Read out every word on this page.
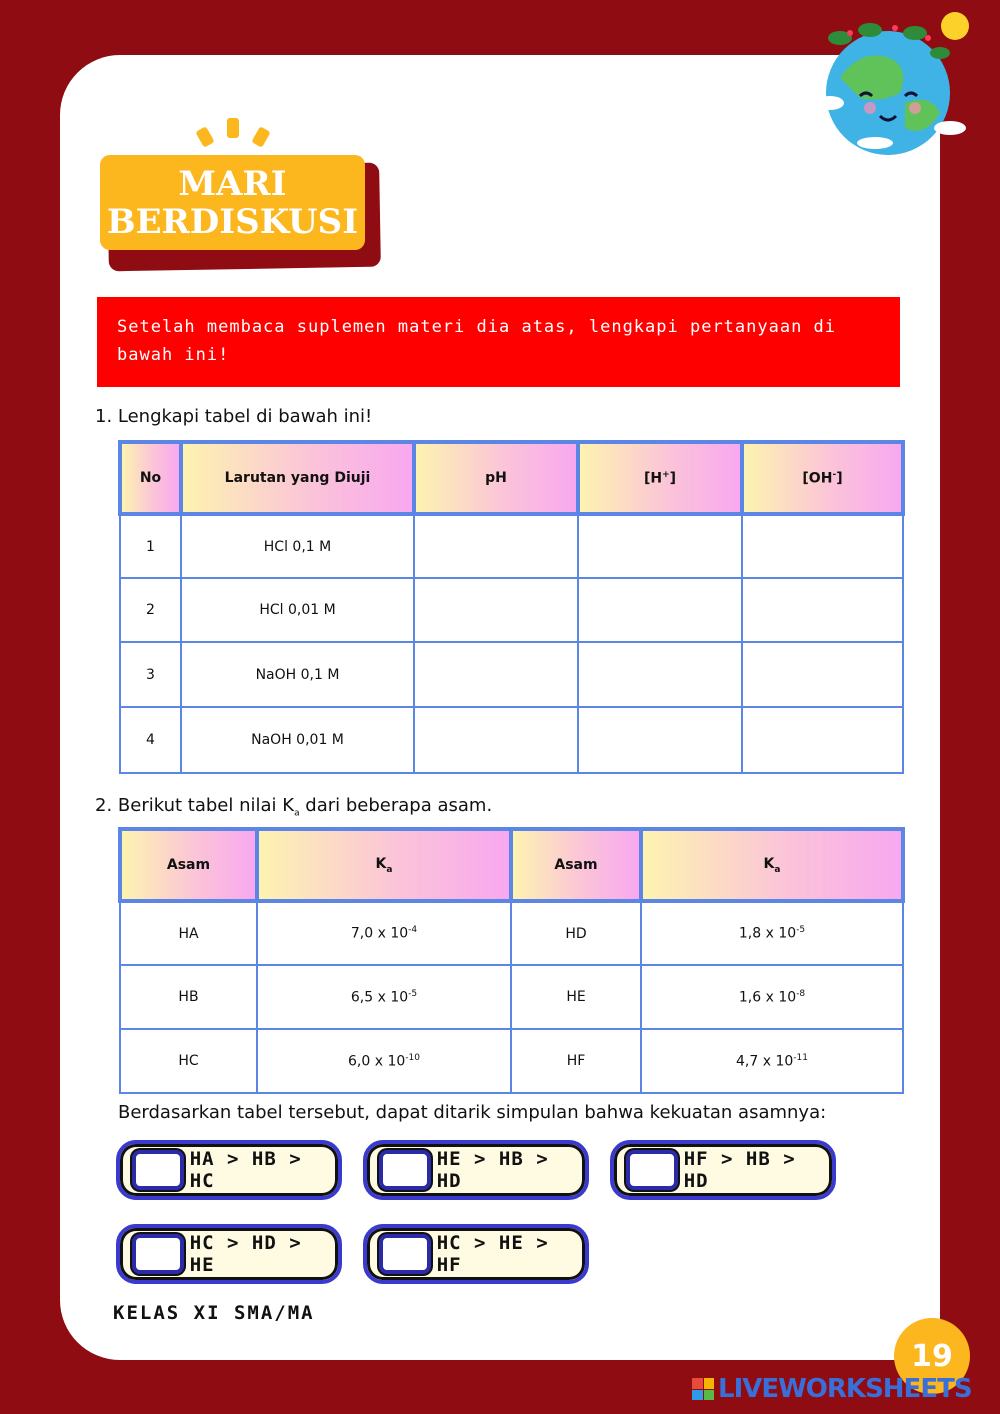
MARI
BERDISKUSI
Setelah membaca suplemen materi dia atas, lengkapi pertanyaan di bawah ini!
1. Lengkapi tabel di bawah ini!
No	Larutan yang Diuji	pH	[H+]	[OH-]
1	HCl 0,1 M			
2	HCl 0,01 M			
3	NaOH 0,1 M			
4	NaOH 0,01 M			
2. Berikut tabel nilai $K_a$ dari beberapa asam.
Asam	$K_a$	Asam	$K_a$
HA	7,0 x $10^{-4}$	HD	1,8 x $10^{-5}$
HB	6,5 x $10^{-5}$	HE	1,6 x $10^{-8}$
HC	6,0 x $10^{-10}$	HF	4,7 x $10^{-11}$
Berdasarkan tabel tersebut, dapat ditarik simpulan bahwa kekuatan asamnya:
HA > HB > HC
HE > HB > HD
HF > HB > HD
HC > HD > HE
HC > HE > HF
KELAS XI SMA/MA
19
LIVEWORKSHEETS
